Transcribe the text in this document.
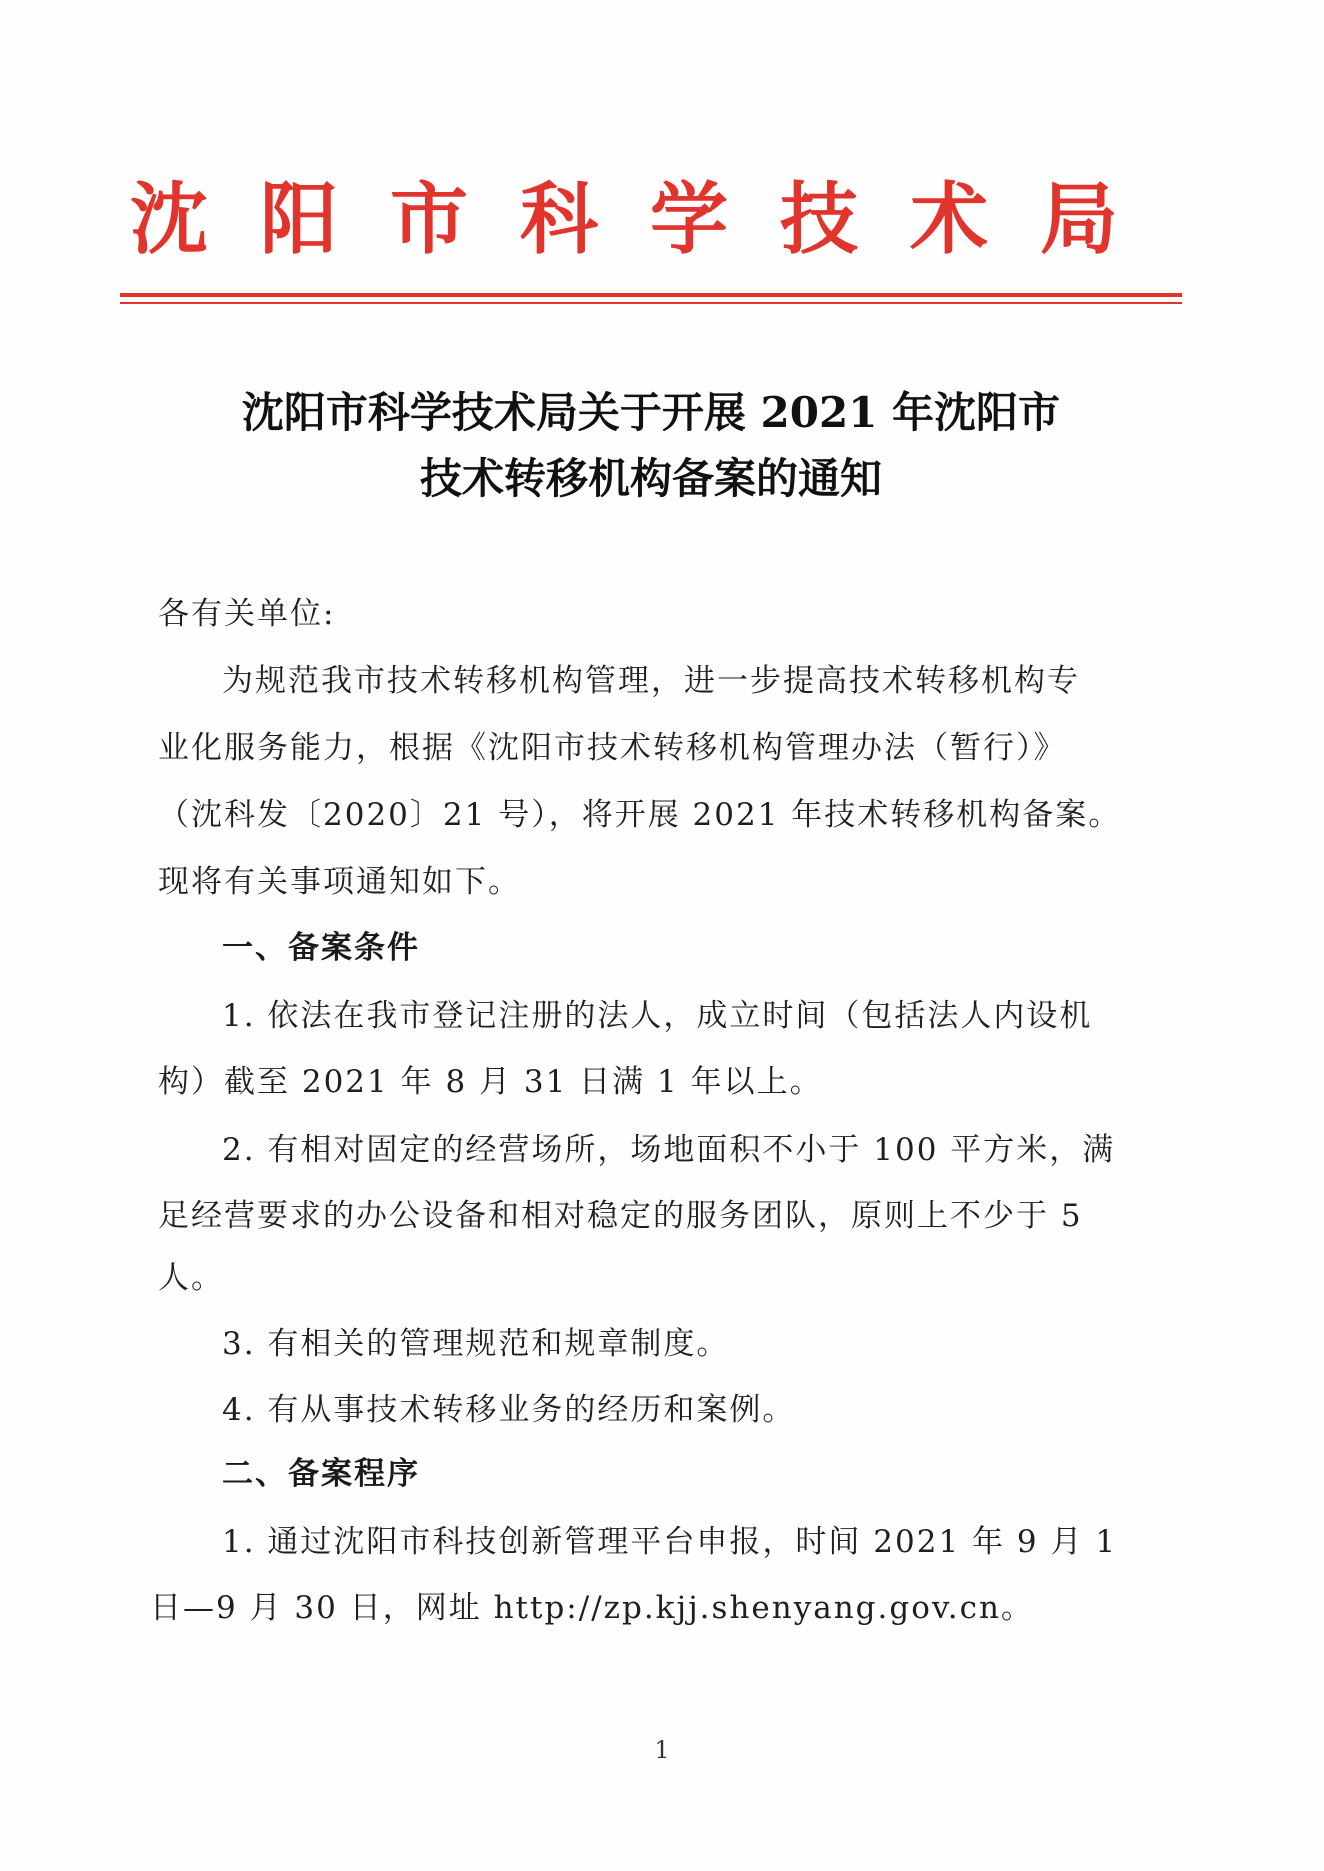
沈阳市科学技术局
沈阳市科学技术局关于开展 2021 年沈阳市
技术转移机构备案的通知
各有关单位:
为规范我市技术转移机构管理，进一步提高技术转移机构专
业化服务能力，根据《沈阳市技术转移机构管理办法（暂行）》
（沈科发〔2020〕21 号），将开展 2021 年技术转移机构备案。
现将有关事项通知如下。
一、备案条件
1. 依法在我市登记注册的法人，成立时间（包括法人内设机
构）截至 2021 年 8 月 31 日满 1 年以上。
2. 有相对固定的经营场所，场地面积不小于 100 平方米，满
足经营要求的办公设备和相对稳定的服务团队，原则上不少于 5
人。
3. 有相关的管理规范和规章制度。
4. 有从事技术转移业务的经历和案例。
二、备案程序
1. 通过沈阳市科技创新管理平台申报，时间 2021 年 9 月 1
日—9 月 30 日，网址 http://zp.kjj.shenyang.gov.cn。
1
